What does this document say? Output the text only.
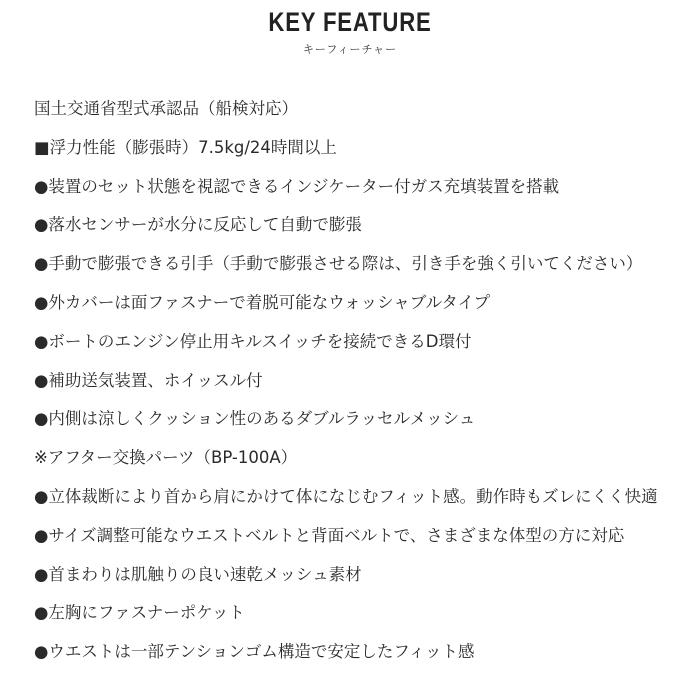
KEY FEATURE
キーフィーチャー
国土交通省型式承認品（船検対応）
■浮力性能（膨張時）7.5kg/24時間以上
●装置のセット状態を視認できるインジケーター付ガス充填装置を搭載
●落水センサーが水分に反応して自動で膨張
●手動で膨張できる引手（手動で膨張させる際は、引き手を強く引いてください）
●外カバーは面ファスナーで着脱可能なウォッシャブルタイプ
●ボートのエンジン停止用キルスイッチを接続できるD環付
●補助送気装置、ホイッスル付
●内側は涼しくクッション性のあるダブルラッセルメッシュ
※アフター交換パーツ（BP-100A）
●立体裁断により首から肩にかけて体になじむフィット感。動作時もズレにくく快適
●サイズ調整可能なウエストベルトと背面ベルトで、さまざまな体型の方に対応
●首まわりは肌触りの良い速乾メッシュ素材
●左胸にファスナーポケット
●ウエストは一部テンションゴム構造で安定したフィット感
